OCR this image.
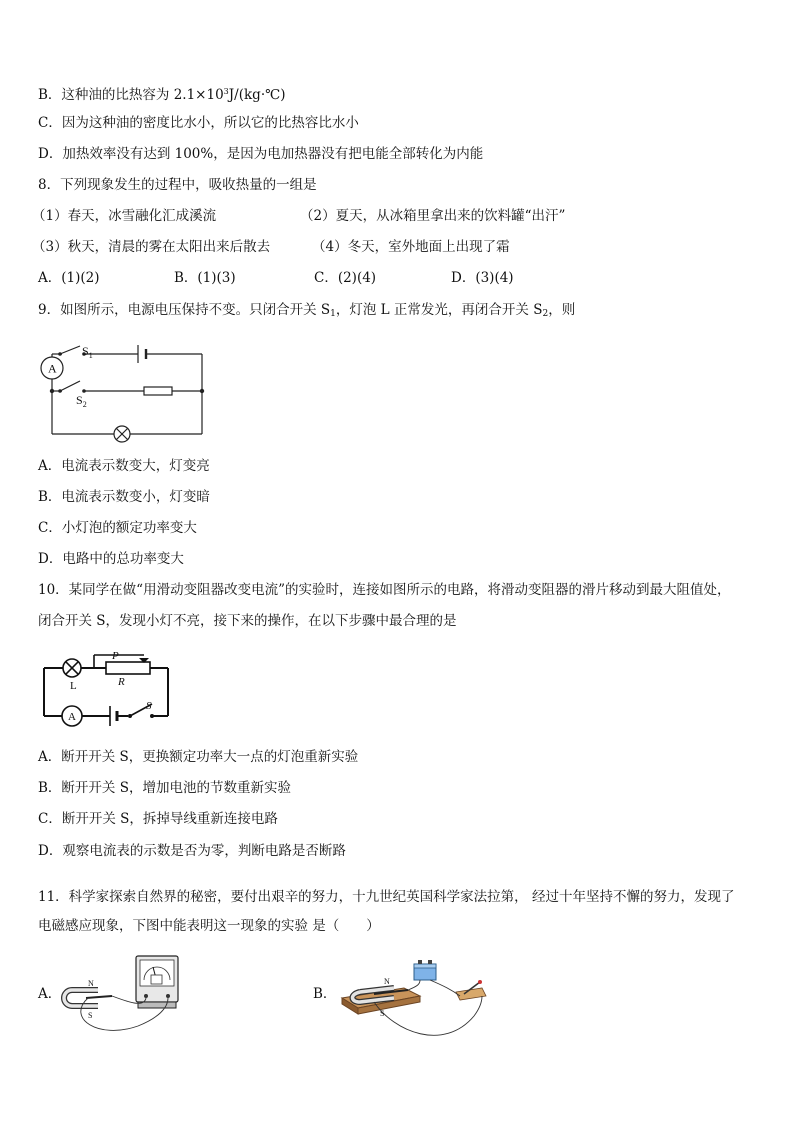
B．这种油的比热容为 $2.1\times 10^3J/(kg\cdot℃)$
C．因为这种油的密度比水小，所以它的比热容比水小
D．加热效率没有达到 100%，是因为电加热器没有把电能全部转化为内能
8．下列现象发生的过程中，吸收热量的一组是
（1）春天，冰雪融化汇成溪流	（2）夏天，从冰箱里拿出来的饮料罐“出汗”
（3）秋天，清晨的雾在太阳出来后散去	（4）冬天，室外地面上出现了霜
A．(1)(2)	B．(1)(3)	C．(2)(4)	D．(3)(4)
9．如图所示，电源电压保持不变。只闭合开关 $S_1$，灯泡 L 正常发光，再闭合开关 $S_2$，则
A
$S_1$
$S_2$
A．电流表示数变大，灯变亮
B．电流表示数变小，灯变暗
C．小灯泡的额定功率变大
D．电路中的总功率变大
10．某同学在做“用滑动变阻器改变电流”的实验时，连接如图所示的电路，将滑动变阻器的滑片移动到最大阻值处，
闭合开关 S，发现小灯不亮，接下来的操作，在以下步骤中最合理的是
P
R
L
S
A
A．断开开关 S，更换额定功率大一点的灯泡重新实验
B．断开开关 S，增加电池的节数重新实验
C．断开开关 S，拆掉导线重新连接电路
D．观察电流表的示数是否为零，判断电路是否断路
11．科学家探索自然界的秘密，要付出艰辛的努力，十九世纪英国科学家法拉第， 经过十年坚持不懈的努力，发现了
电磁感应现象，下图中能表明这一现象的实验 是（　　）
A．
N
S
B．
N
S
